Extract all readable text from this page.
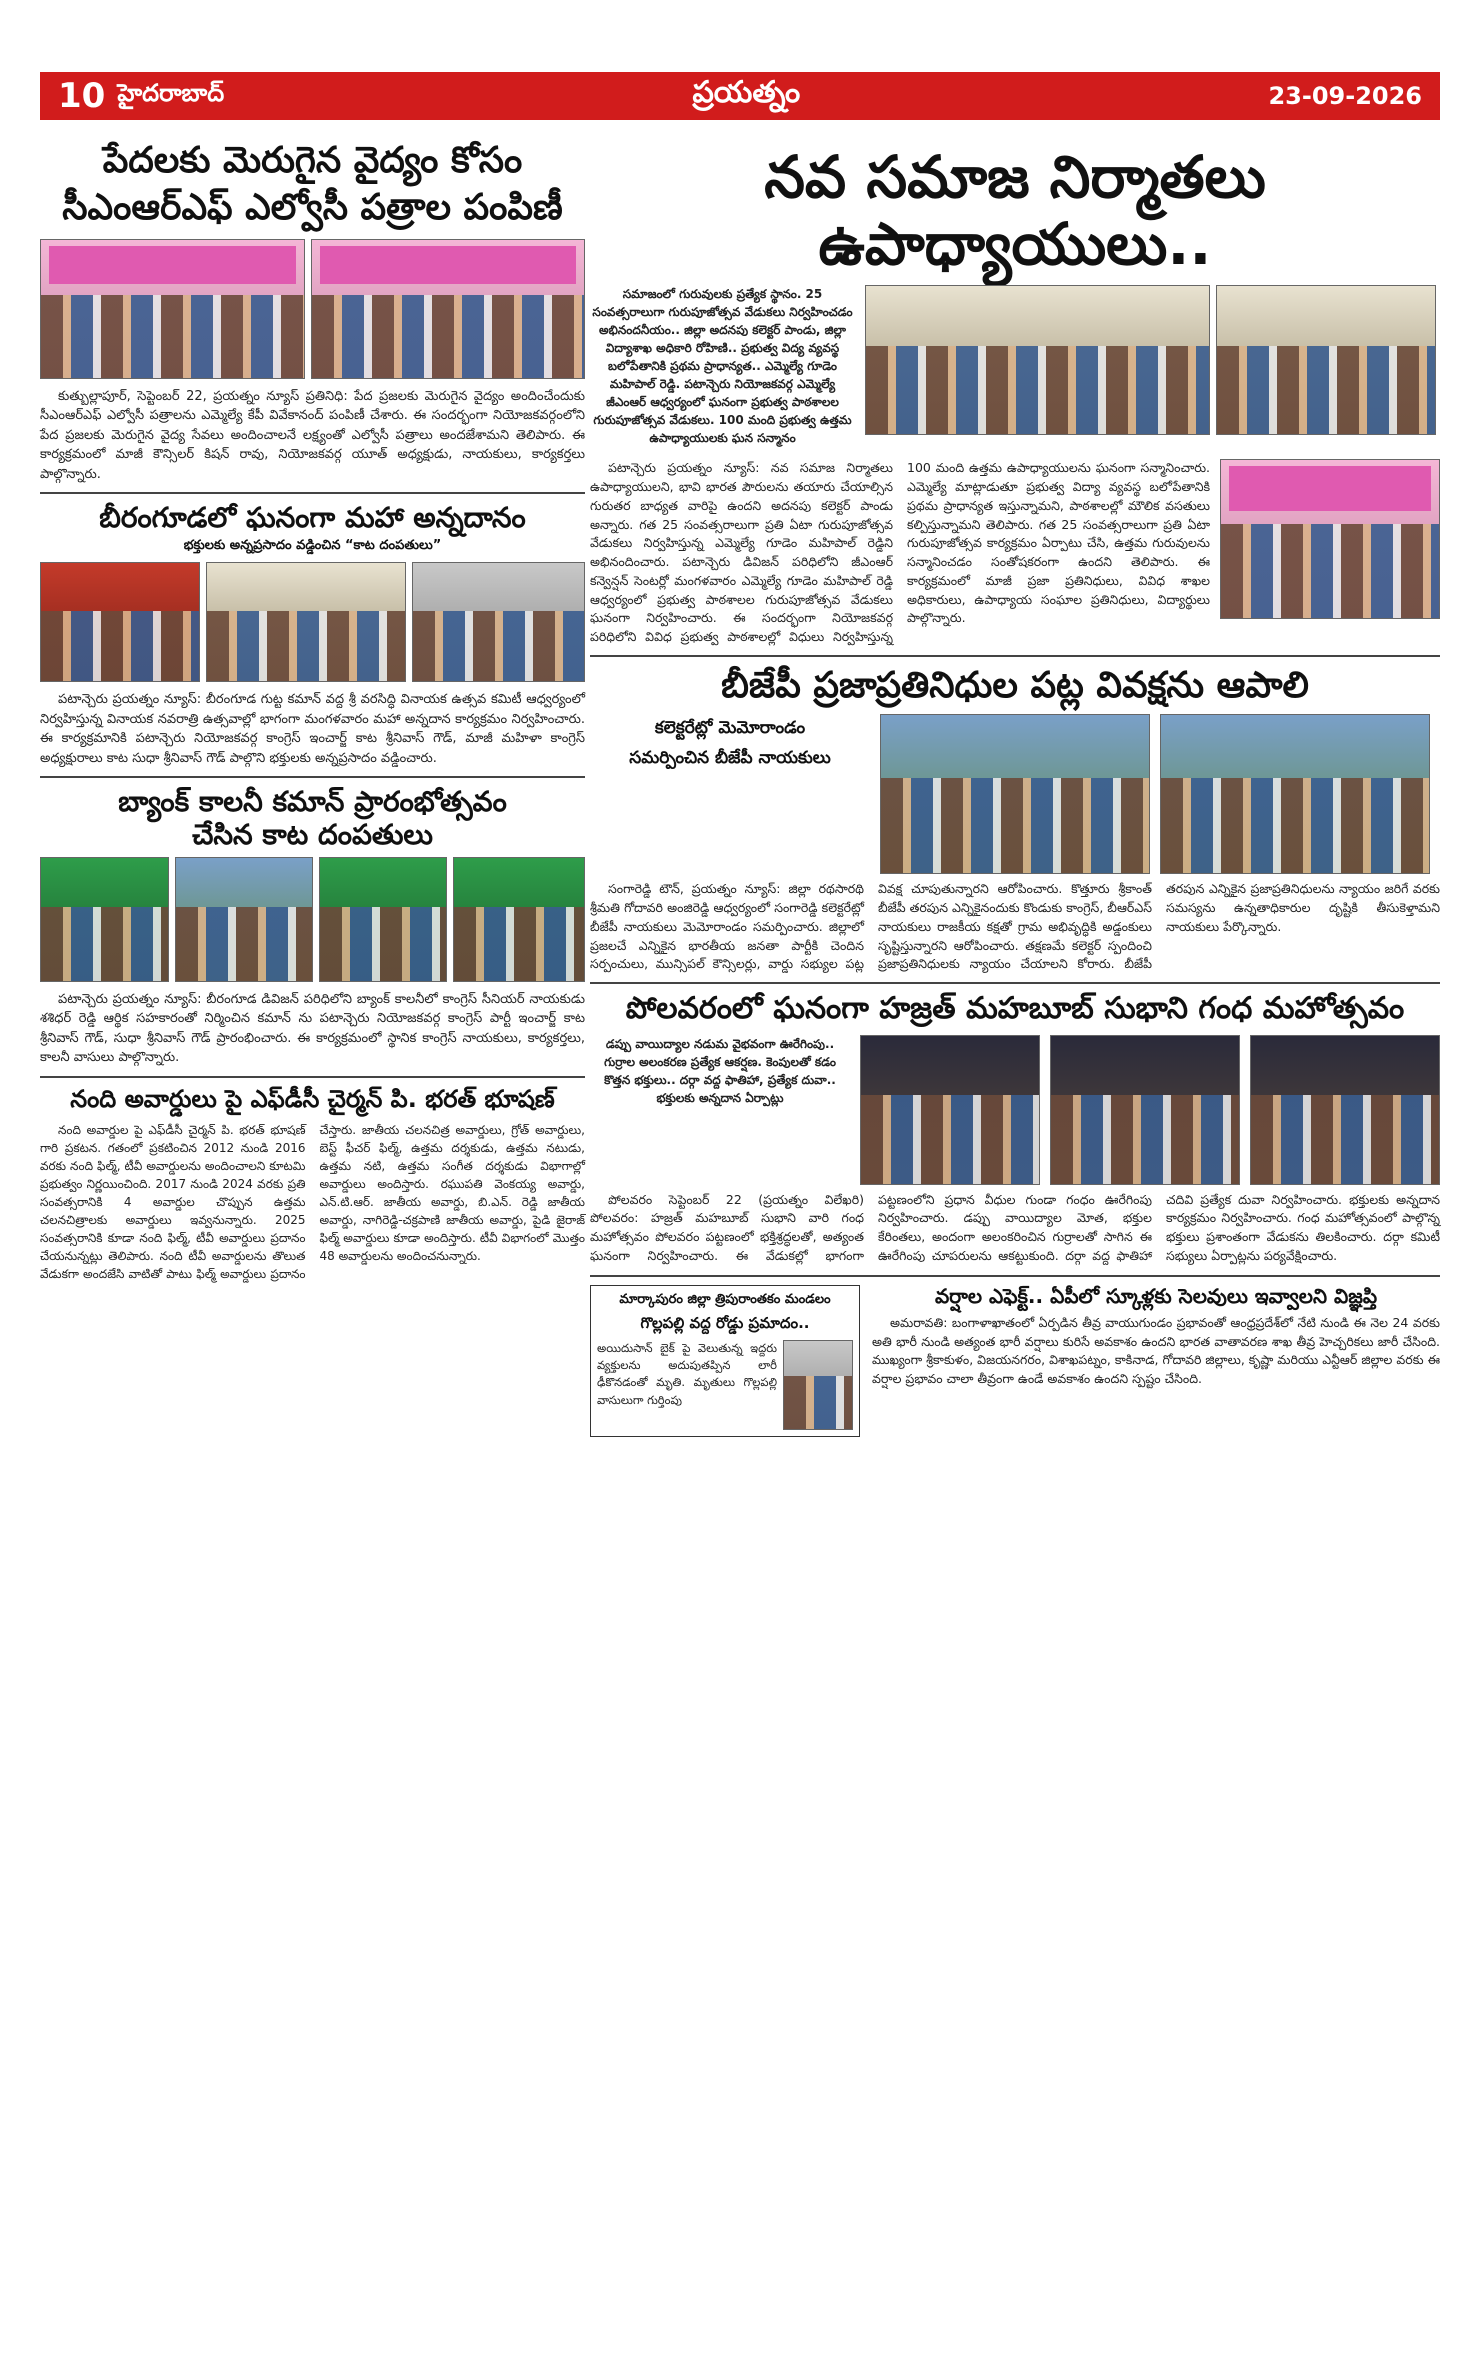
10 హైదరాబాద్	ప్రయత్నం	23-09-2026
పేదలకు మెరుగైన వైద్యం కోసం
సీఎంఆర్ఎఫ్ ఎల్వోసీ పత్రాల పంపిణీ

కుత్బుల్లాపూర్, సెప్టెంబర్ 22, ప్రయత్నం న్యూస్ ప్రతినిధి: పేద ప్రజలకు మెరుగైన వైద్యం అందించేందుకు సీఎంఆర్ఎఫ్ ఎల్వోసీ పత్రాలను ఎమ్మెల్యే కేపీ వివేకానంద్ పంపిణీ చేశారు. ఈ సందర్భంగా నియోజకవర్గంలోని పేద ప్రజలకు మెరుగైన వైద్య సేవలు అందించాలనే లక్ష్యంతో ఎల్వోసీ పత్రాలు అందజేశామని తెలిపారు. ఈ కార్యక్రమంలో మాజీ కౌన్సిలర్ కిషన్ రావు, నియోజకవర్గ యూత్ అధ్యక్షుడు, నాయకులు, కార్యకర్తలు పాల్గొన్నారు.

బీరంగూడలో ఘనంగా మహా అన్నదానం
భక్తులకు అన్నప్రసాదం వడ్డించిన “కాట దంపతులు”

పటాన్చెరు ప్రయత్నం న్యూస్: బీరంగూడ గుట్ట కమాన్ వద్ద శ్రీ వరసిద్ధి వినాయక ఉత్సవ కమిటీ ఆధ్వర్యంలో నిర్వహిస్తున్న వినాయక నవరాత్రి ఉత్సవాల్లో భాగంగా మంగళవారం మహా అన్నదాన కార్యక్రమం నిర్వహించారు. ఈ కార్యక్రమానికి పటాన్చెరు నియోజకవర్గ కాంగ్రెస్ ఇంచార్జ్ కాట శ్రీనివాస్ గౌడ్, మాజీ మహిళా కాంగ్రెస్ అధ్యక్షురాలు కాట సుధా శ్రీనివాస్ గౌడ్ పాల్గొని భక్తులకు అన్నప్రసాదం వడ్డించారు.

బ్యాంక్ కాలనీ కమాన్ ప్రారంభోత్సవం
చేసిన కాట దంపతులు

పటాన్చెరు ప్రయత్నం న్యూస్: బీరంగూడ డివిజన్ పరిధిలోని బ్యాంక్ కాలనీలో కాంగ్రెస్ సీనియర్ నాయకుడు శశిధర్ రెడ్డి ఆర్థిక సహకారంతో నిర్మించిన కమాన్ ను పటాన్చెరు నియోజకవర్గ కాంగ్రెస్ పార్టీ ఇంచార్జ్ కాట శ్రీనివాస్ గౌడ్, సుధా శ్రీనివాస్ గౌడ్ ప్రారంభించారు. ఈ కార్యక్రమంలో స్థానిక కాంగ్రెస్ నాయకులు, కార్యకర్తలు, కాలనీ వాసులు పాల్గొన్నారు.

నంది అవార్డులు పై ఎఫ్‌డీసీ చైర్మన్ పి. భరత్ భూషణ్

నంది అవార్డుల పై ఎఫ్‌డీసీ చైర్మన్ పి. భరత్ భూషణ్ గారి ప్రకటన. గతంలో ప్రకటించిన 2012 నుండి 2016 వరకు నంది ఫిల్మ్, టీవీ అవార్డులను అందించాలని కూటమి ప్రభుత్వం నిర్ణయించింది. 2017 నుండి 2024 వరకు ప్రతి సంవత్సరానికి 4 అవార్డుల చొప్పున ఉత్తమ చలనచిత్రాలకు అవార్డులు ఇవ్వనున్నారు. 2025 సంవత్సరానికి కూడా నంది ఫిల్మ్, టీవీ అవార్డులు ప్రదానం చేయనున్నట్లు తెలిపారు. నంది టీవీ అవార్డులను తొలుత వేడుకగా అందజేసి వాటితో పాటు ఫిల్మ్ అవార్డులు ప్రదానం చేస్తారు. జాతీయ చలనచిత్ర అవార్డులు, గ్రోత్ అవార్డులు, బెస్ట్ ఫీచర్ ఫిల్మ్, ఉత్తమ దర్శకుడు, ఉత్తమ నటుడు, ఉత్తమ నటి, ఉత్తమ సంగీత దర్శకుడు విభాగాల్లో అవార్డులు అందిస్తారు. రఘుపతి వెంకయ్య అవార్డు, ఎన్.టి.ఆర్. జాతీయ అవార్డు, బి.ఎన్. రెడ్డి జాతీయ అవార్డు, నాగిరెడ్డి-చక్రపాణి జాతీయ అవార్డు, పైడి జైరాజ్ ఫిల్మ్ అవార్డులు కూడా అందిస్తారు. టీవీ విభాగంలో మొత్తం 48 అవార్డులను అందించనున్నారు.

నవ సమాజ నిర్మాతలు ఉపాధ్యాయులు..

సమాజంలో గురువులకు ప్రత్యేక స్థానం. 25 సంవత్సరాలుగా గురుపూజోత్సవ వేడుకలు నిర్వహించడం అభినందనీయం.. జిల్లా అదనపు కలెక్టర్ పాండు, జిల్లా విద్యాశాఖ అధికారి రోహిణి.. ప్రభుత్వ విద్య వ్యవస్థ బలోపేతానికి ప్రథమ ప్రాధాన్యత.. ఎమ్మెల్యే గూడెం మహిపాల్ రెడ్డి. పటాన్చెరు నియోజకవర్గ ఎమ్మెల్యే జీఎంఆర్ ఆధ్వర్యంలో ఘనంగా ప్రభుత్వ పాఠశాలల గురుపూజోత్సవ వేడుకలు. 100 మంది ప్రభుత్వ ఉత్తమ ఉపాధ్యాయులకు ఘన సన్మానం

పటాన్చెరు ప్రయత్నం న్యూస్: నవ సమాజ నిర్మాతలు ఉపాధ్యాయులని, భావి భారత పౌరులను తయారు చేయాల్సిన గురుతర బాధ్యత వారిపై ఉందని అదనపు కలెక్టర్ పాండు అన్నారు. గత 25 సంవత్సరాలుగా ప్రతి ఏటా గురుపూజోత్సవ వేడుకలు నిర్వహిస్తున్న ఎమ్మెల్యే గూడెం మహిపాల్ రెడ్డిని అభినందించారు. పటాన్చెరు డివిజన్ పరిధిలోని జీఎంఆర్ కన్వెన్షన్ సెంటర్లో మంగళవారం ఎమ్మెల్యే గూడెం మహిపాల్ రెడ్డి ఆధ్వర్యంలో ప్రభుత్వ పాఠశాలల గురుపూజోత్సవ వేడుకలు ఘనంగా నిర్వహించారు. ఈ సందర్భంగా నియోజకవర్గ పరిధిలోని వివిధ ప్రభుత్వ పాఠశాలల్లో విధులు నిర్వహిస్తున్న 100 మంది ఉత్తమ ఉపాధ్యాయులను ఘనంగా సన్మానించారు. ఎమ్మెల్యే మాట్లాడుతూ ప్రభుత్వ విద్యా వ్యవస్థ బలోపేతానికి ప్రథమ ప్రాధాన్యత ఇస్తున్నామని, పాఠశాలల్లో మౌలిక వసతులు కల్పిస్తున్నామని తెలిపారు. గత 25 సంవత్సరాలుగా ప్రతి ఏటా గురుపూజోత్సవ కార్యక్రమం ఏర్పాటు చేసి, ఉత్తమ గురువులను సన్మానించడం సంతోషకరంగా ఉందని తెలిపారు. ఈ కార్యక్రమంలో మాజీ ప్రజా ప్రతినిధులు, వివిధ శాఖల అధికారులు, ఉపాధ్యాయ సంఘాల ప్రతినిధులు, విద్యార్థులు పాల్గొన్నారు.

బీజేపీ ప్రజాప్రతినిధుల పట్ల వివక్షను ఆపాలి
కలెక్టరేట్లో మెమోరాండం
సమర్పించిన బీజేపీ నాయకులు

సంగారెడ్డి టౌన్, ప్రయత్నం న్యూస్: జిల్లా రథసారథి శ్రీమతి గోదావరి అంజిరెడ్డి ఆధ్వర్యంలో సంగారెడ్డి కలెక్టరేట్లో బీజేపీ నాయకులు మెమోరాండం సమర్పించారు. జిల్లాలో ప్రజలచే ఎన్నికైన భారతీయ జనతా పార్టీకి చెందిన సర్పంచులు, మున్సిపల్ కౌన్సిలర్లు, వార్డు సభ్యుల పట్ల వివక్ష చూపుతున్నారని ఆరోపించారు. కొత్తూరు శ్రీకాంత్ బీజేపీ తరపున ఎన్నికైనందుకు కొండుకు కాంగ్రెస్, బీఆర్ఎస్ నాయకులు రాజకీయ కక్షతో గ్రామ అభివృద్ధికి అడ్డంకులు సృష్టిస్తున్నారని ఆరోపించారు. తక్షణమే కలెక్టర్ స్పందించి ప్రజాప్రతినిధులకు న్యాయం చేయాలని కోరారు. బీజేపీ తరపున ఎన్నికైన ప్రజాప్రతినిధులను న్యాయం జరిగే వరకు సమస్యను ఉన్నతాధికారుల దృష్టికి తీసుకెళ్తామని నాయకులు పేర్కొన్నారు.

పోలవరంలో ఘనంగా హజ్రత్ మహబూబ్ సుభాని గంధ మహోత్సవం

డప్పు వాయిద్యాల నడుమ వైభవంగా ఊరేగింపు.. గుర్రాల అలంకరణ ప్రత్యేక ఆకర్షణ. కెంపులతో కడం కొత్తన భక్తులు.. దర్గా వద్ద ఫాతిహా, ప్రత్యేక దువా.. భక్తులకు అన్నదాన ఏర్పాట్లు

పోలవరం సెప్టెంబర్ 22 (ప్రయత్నం విలేఖరి) పోలవరం: హజ్రత్ మహబూబ్ సుభాని వారి గంధ మహోత్సవం పోలవరం పట్టణంలో భక్తిశ్రద్ధలతో, అత్యంత ఘనంగా నిర్వహించారు. ఈ వేడుకల్లో భాగంగా పట్టణంలోని ప్రధాన వీధుల గుండా గంధం ఊరేగింపు నిర్వహించారు. డప్పు వాయిద్యాల మోత, భక్తుల కేరింతలు, అందంగా అలంకరించిన గుర్రాలతో సాగిన ఈ ఊరేగింపు చూపరులను ఆకట్టుకుంది. దర్గా వద్ద ఫాతిహా చదివి ప్రత్యేక దువా నిర్వహించారు. భక్తులకు అన్నదాన కార్యక్రమం నిర్వహించారు. గంధ మహోత్సవంలో పాల్గొన్న భక్తులు ప్రశాంతంగా వేడుకను తిలకించారు. దర్గా కమిటీ సభ్యులు ఏర్పాట్లను పర్యవేక్షించారు.

మార్కాపురం జిల్లా త్రిపురాంతకం మండలం
గొల్లపల్లి వద్ద రోడ్డు ప్రమాదం..

అయిదుసాన్ బైక్ పై వెలుతున్న ఇద్దరు వ్యక్తులను అదుపుతప్పిన లారీ ఢీకొనడంతో మృతి. మృతులు గొల్లపల్లి వాసులుగా గుర్తింపు

వర్షాల ఎఫెక్ట్.. ఏపీలో స్కూళ్లకు సెలవులు ఇవ్వాలని విజ్ఞప్తి

అమరావతి: బంగాళాఖాతంలో ఏర్పడిన తీవ్ర వాయుగుండం ప్రభావంతో ఆంధ్రప్రదేశ్‌లో నేటి నుండి ఈ నెల 24 వరకు అతి భారీ నుండి అత్యంత భారీ వర్షాలు కురిసే అవకాశం ఉందని భారత వాతావరణ శాఖ తీవ్ర హెచ్చరికలు జారీ చేసింది. ముఖ్యంగా శ్రీకాకుళం, విజయనగరం, విశాఖపట్నం, కాకినాడ, గోదావరి జిల్లాలు, కృష్ణా మరియు ఎన్టీఆర్ జిల్లాల వరకు ఈ వర్షాల ప్రభావం చాలా తీవ్రంగా ఉండే అవకాశం ఉందని స్పష్టం చేసింది.
